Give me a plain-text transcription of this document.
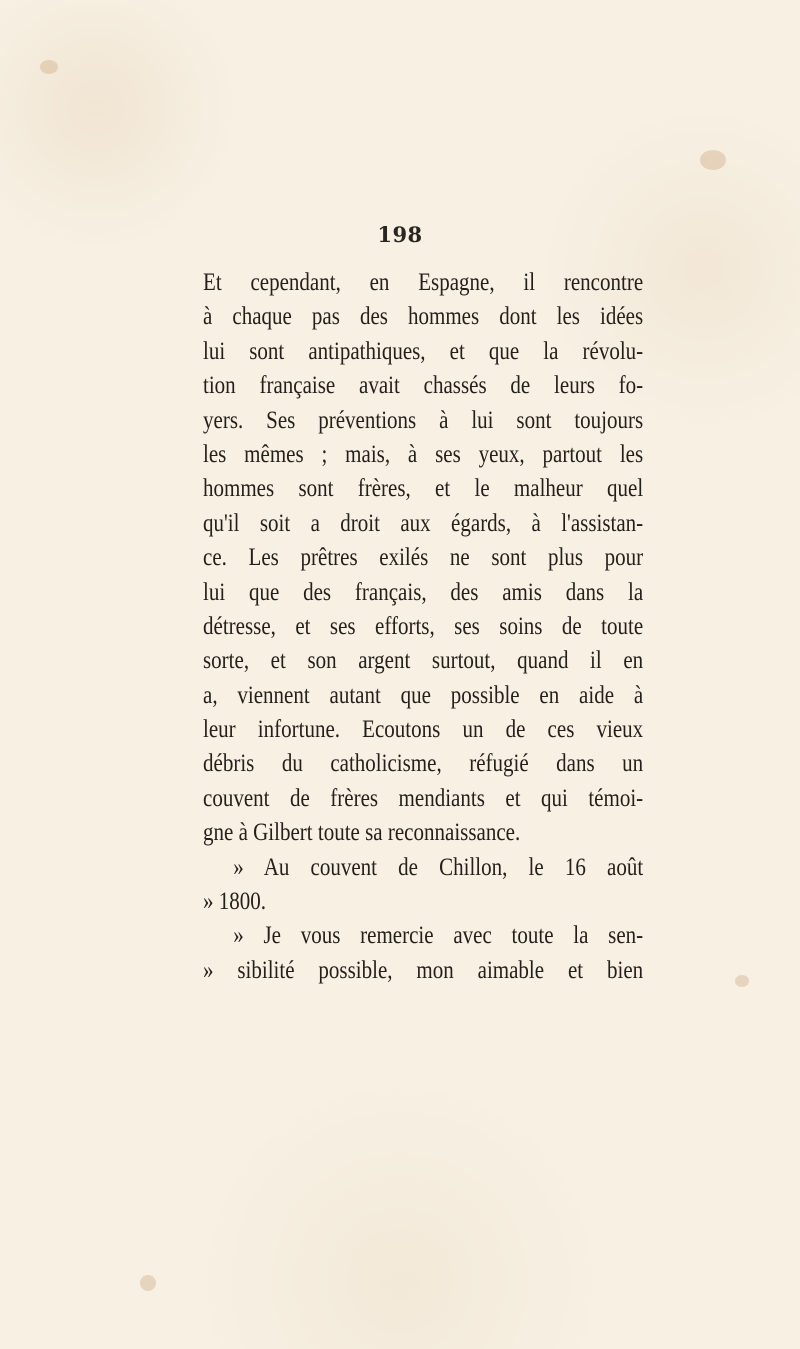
198
Et cependant, en Espagne, il rencontre
à chaque pas des hommes dont les idées
lui sont antipathiques, et que la révolu-
tion française avait chassés de leurs fo-
yers. Ses préventions à lui sont toujours
les mêmes ; mais, à ses yeux, partout les
hommes sont frères, et le malheur quel
qu'il soit a droit aux égards, à l'assistan-
ce. Les prêtres exilés ne sont plus pour
lui que des français, des amis dans la
détresse, et ses efforts, ses soins de toute
sorte, et son argent surtout, quand il en
a, viennent autant que possible en aide à
leur infortune. Ecoutons un de ces vieux
débris du catholicisme, réfugié dans un
couvent de frères mendiants et qui témoi-
gne à Gilbert toute sa reconnaissance.
» Au couvent de Chillon, le 16 août
» 1800.
» Je vous remercie avec toute la sen-
» sibilité possible, mon aimable et bien
